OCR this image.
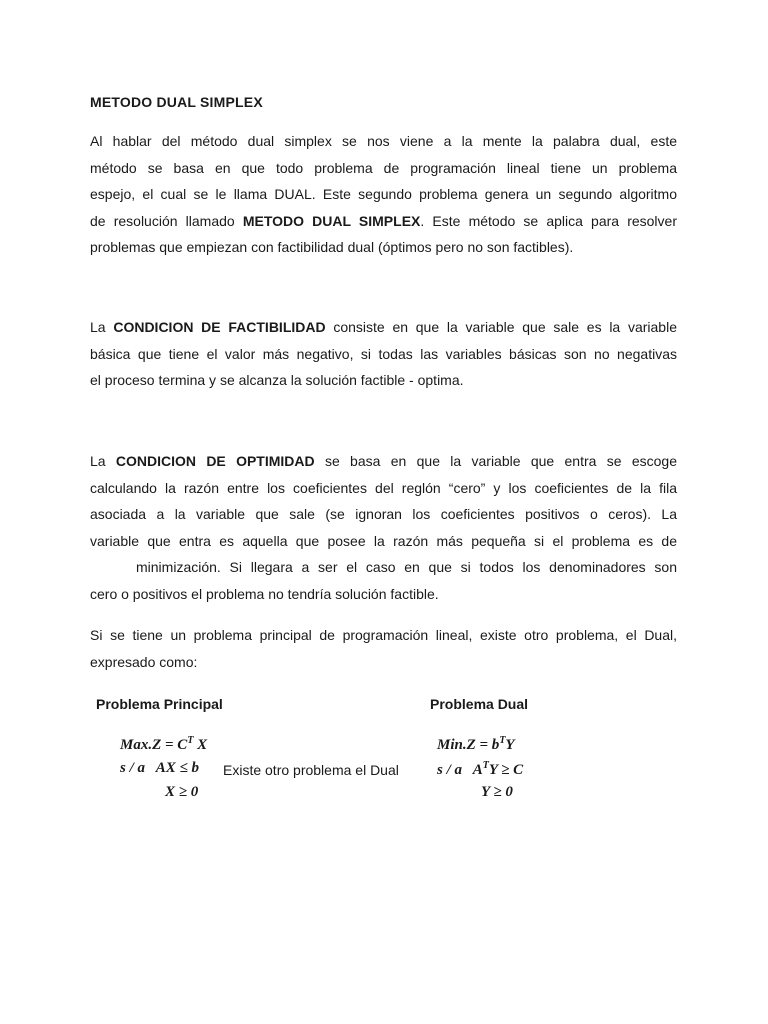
METODO DUAL SIMPLEX
Al hablar del método dual simplex se nos viene a la mente la palabra dual, este
método se basa en que todo problema de programación lineal tiene un problema
espejo, el cual se le llama DUAL. Este segundo problema genera un segundo algoritmo
de resolución llamado METODO DUAL SIMPLEX. Este método se aplica para resolver
problemas que empiezan con factibilidad dual (óptimos pero no son factibles).
La CONDICION DE FACTIBILIDAD consiste en que la variable que sale es la variable
básica que tiene el valor más negativo, si todas las variables básicas son no negativas
el proceso termina y se alcanza la solución factible - optima.
La CONDICION DE OPTIMIDAD se basa en que la variable que entra se escoge
calculando la razón entre los coeficientes del reglón “cero” y los coeficientes de la fila
asociada a la variable que sale (se ignoran los coeficientes positivos o ceros). La
variable que entra es aquella que posee la razón más pequeña si el problema es de
minimización. Si llegara a ser el caso en que si todos los denominadores son
cero o positivos el problema no tendría solución factible.
Si se tiene un problema principal de programación lineal, existe otro problema, el Dual,
expresado como:
Problema Principal	Problema Dual
$Max.Z = C^T$ X
s / a   AX ≤ b
X ≥ 0
Existe otro problema el Dual
$Min.Z = b^TY$
s / a   $A^TY \ge C$
Y ≥ 0
